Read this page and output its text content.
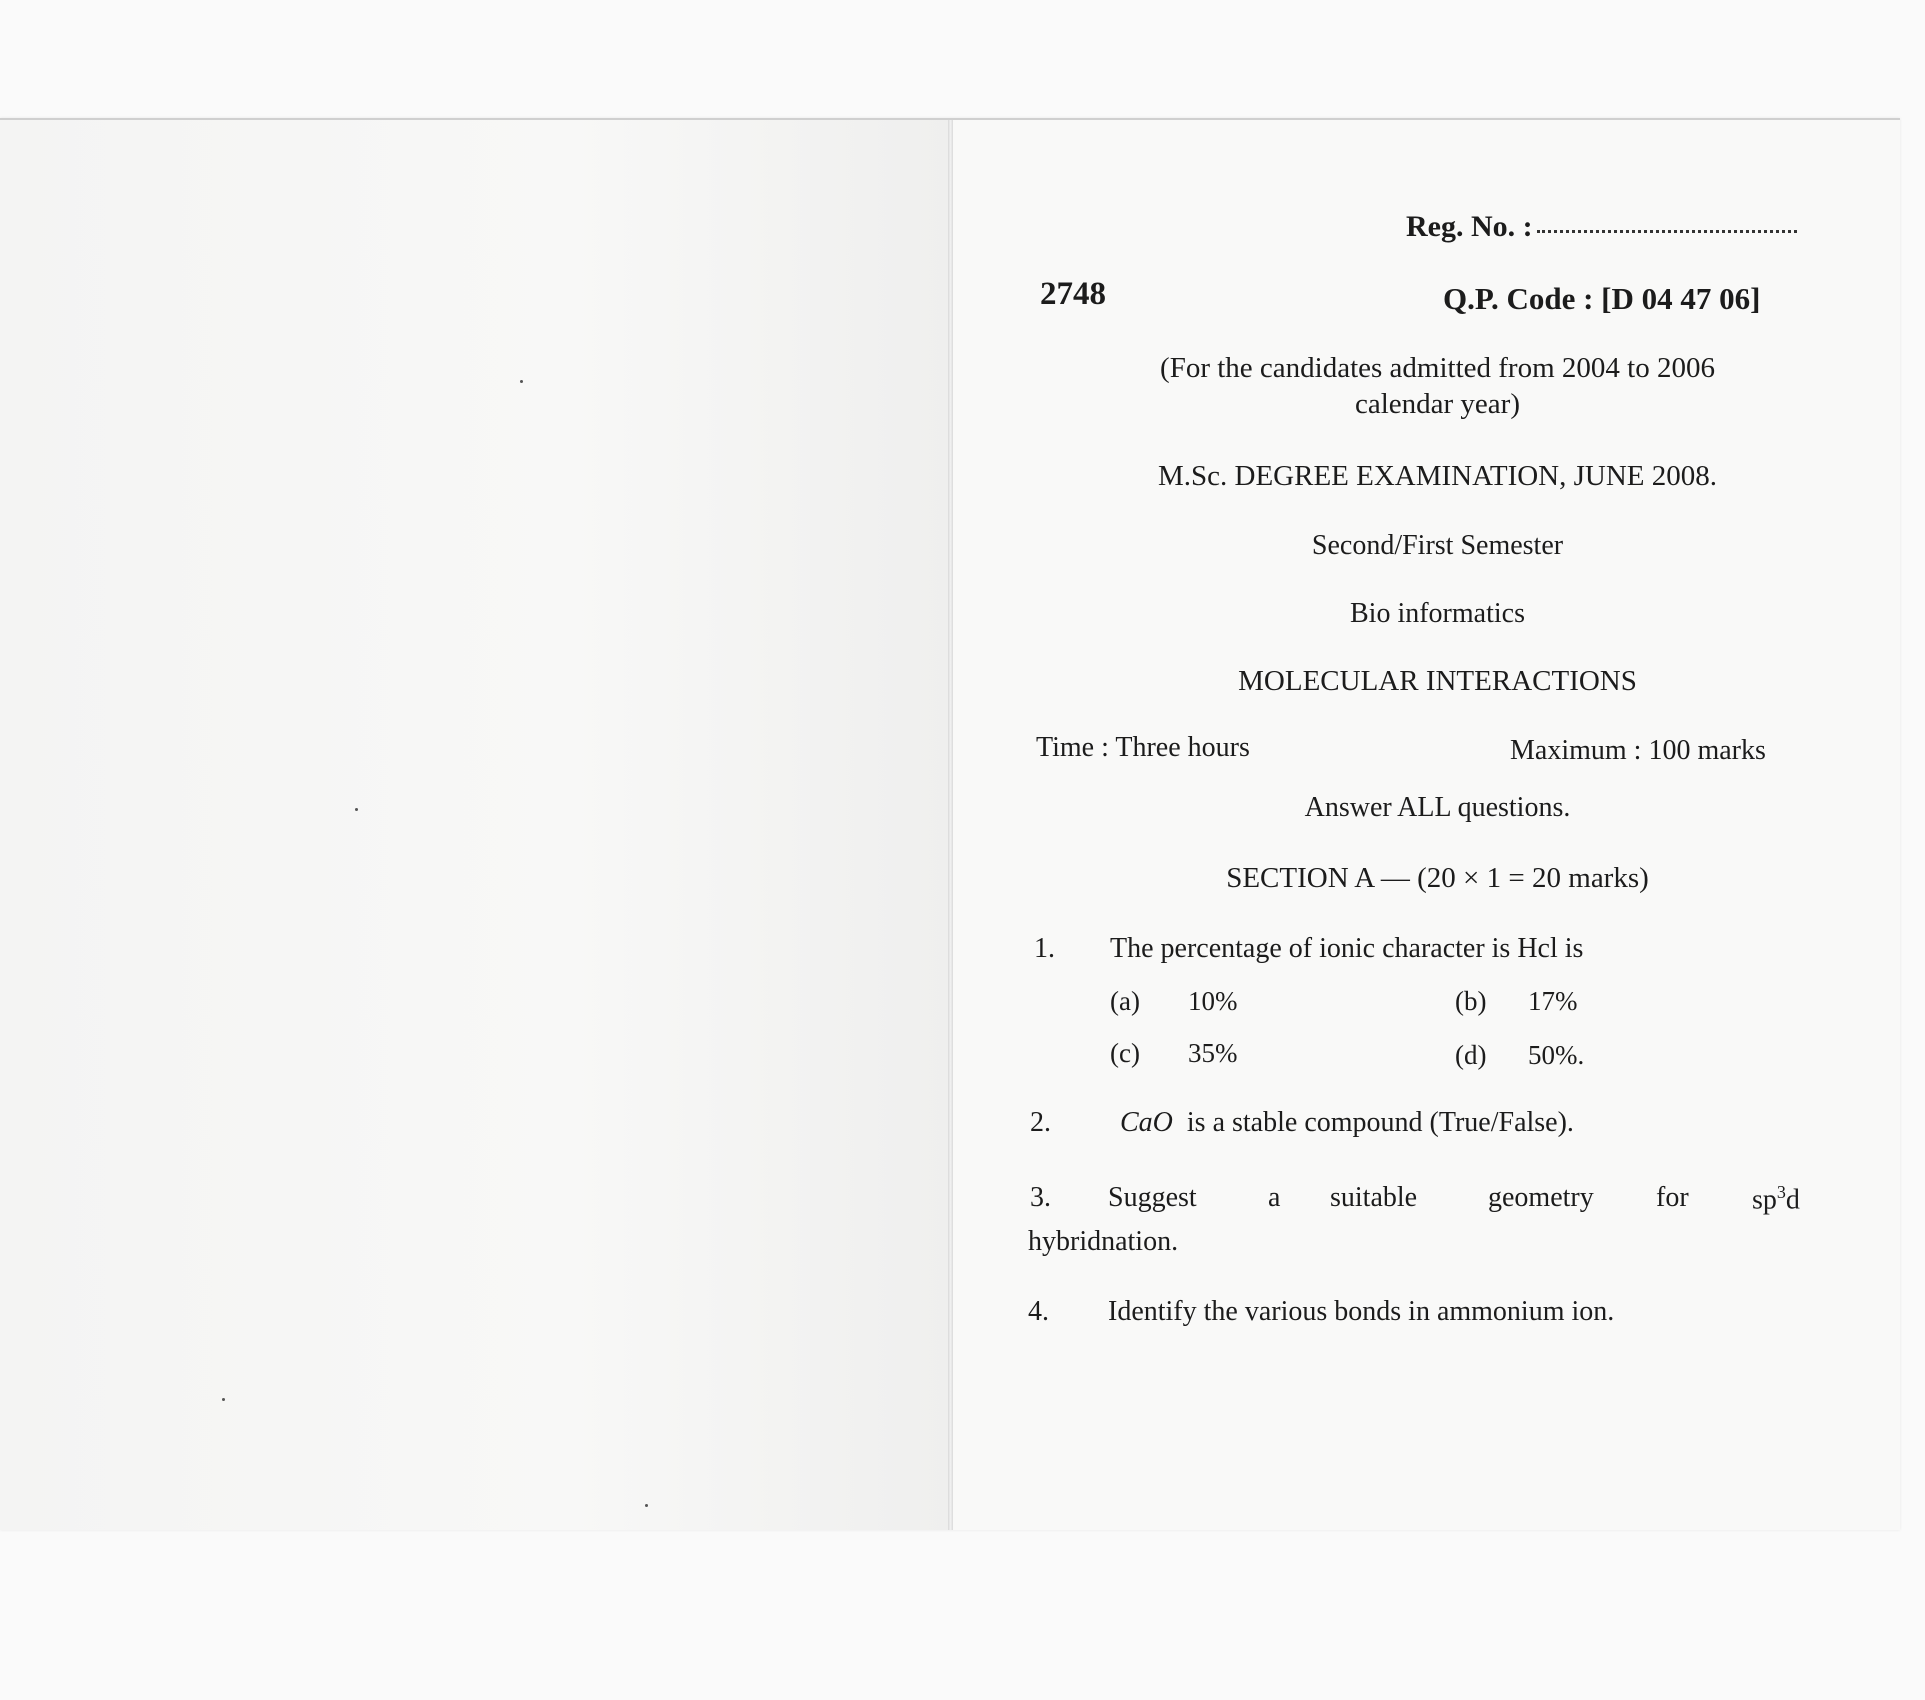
Reg. No. :
2748	Q.P. Code : [D 04 47 06]
(For the candidates admitted from 2004 to 2006
calendar year)
M.Sc. DEGREE EXAMINATION, JUNE 2008.
Second/First Semester
Bio informatics
MOLECULAR INTERACTIONS
Time : Three hours	Maximum : 100 marks
Answer ALL questions.
SECTION A — (20 × 1 = 20 marks)
1. The percentage of ionic character is Hcl is
(a) 10%	(b) 17%
(c) 35%	(d) 50%.
2. CaO is a stable compound (True/False).
3. Suggest	a suitable	geometry for $sp^3d$
hybridnation.
4. Identify the various bonds in ammonium ion.
